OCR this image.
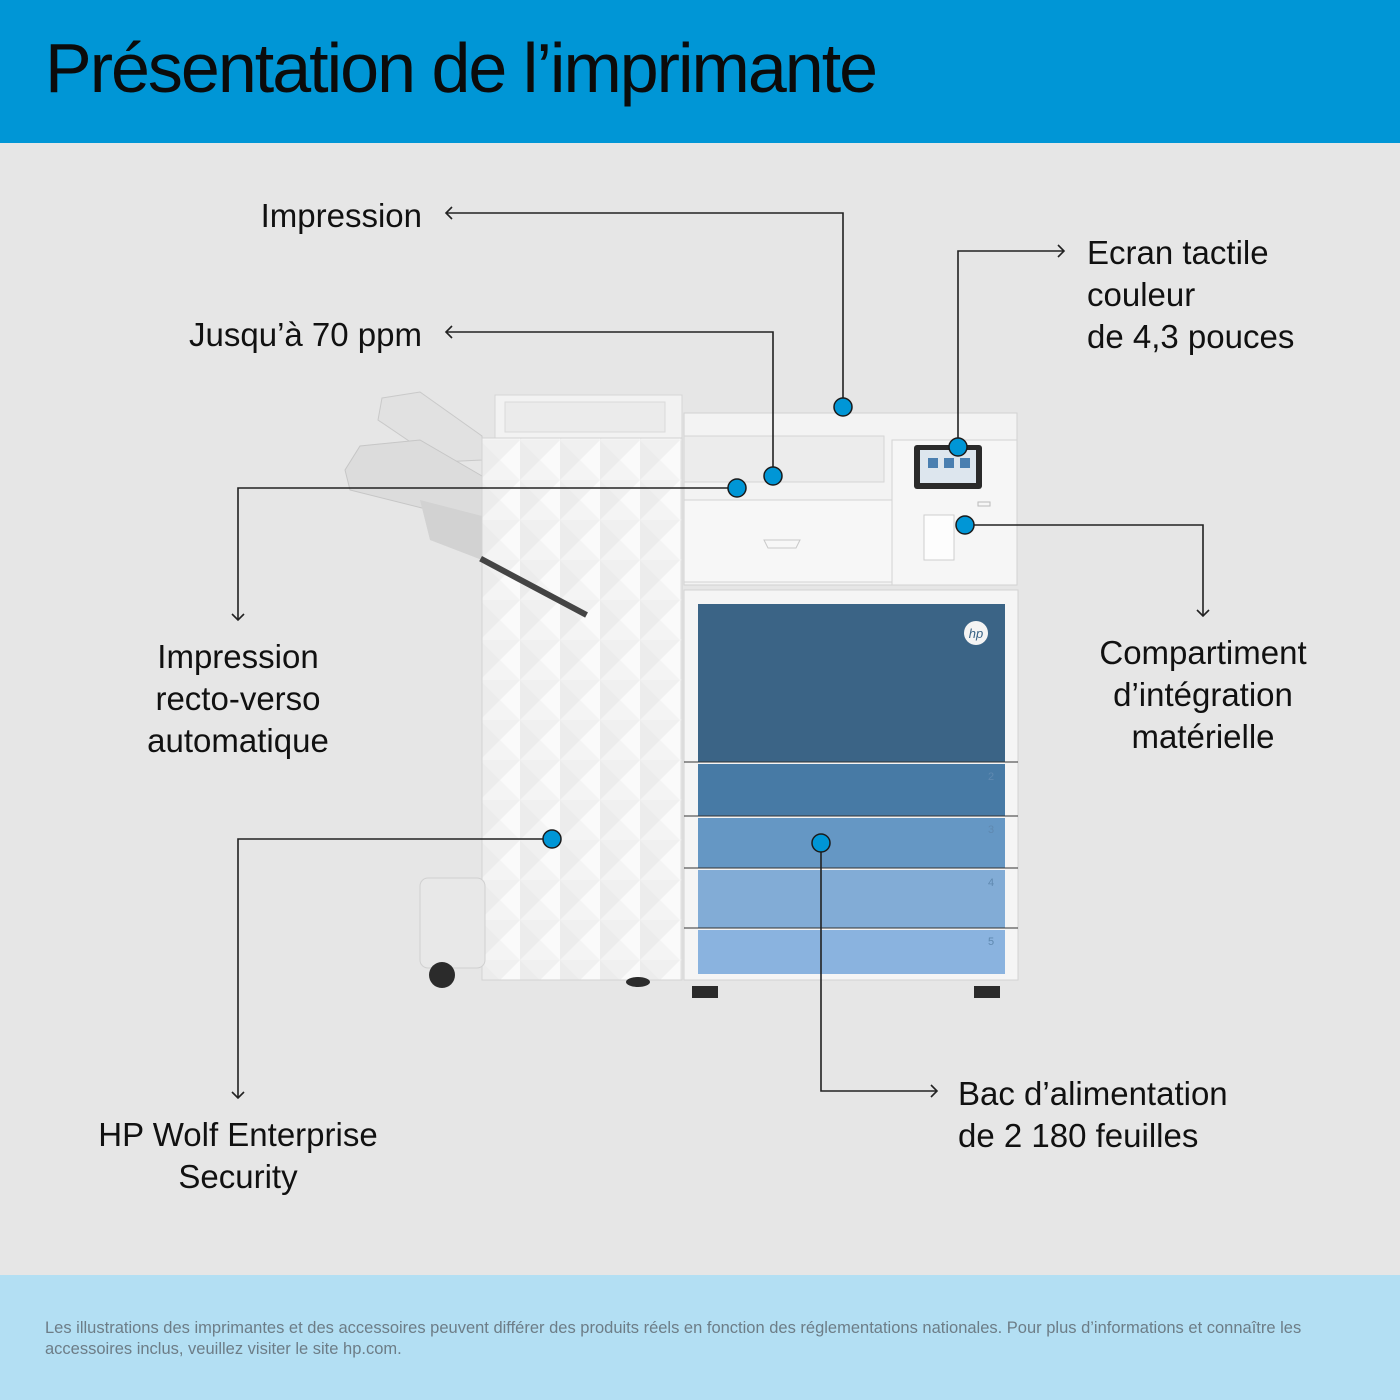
Présentation de l’imprimante
hp
2
3
4
5
Impression
Jusqu’à 70 ppm
Ecran tactile
couleur
de 4,3 pouces
Impression
recto-verso
automatique
Compartiment
d’intégration
matérielle
HP Wolf Enterprise
Security
Bac d’alimentation
de 2 180 feuilles
Les illustrations des imprimantes et des accessoires peuvent différer des produits réels en fonction des réglementations nationales. Pour plus d’informations et connaître les accessoires inclus, veuillez visiter le site hp.com.
